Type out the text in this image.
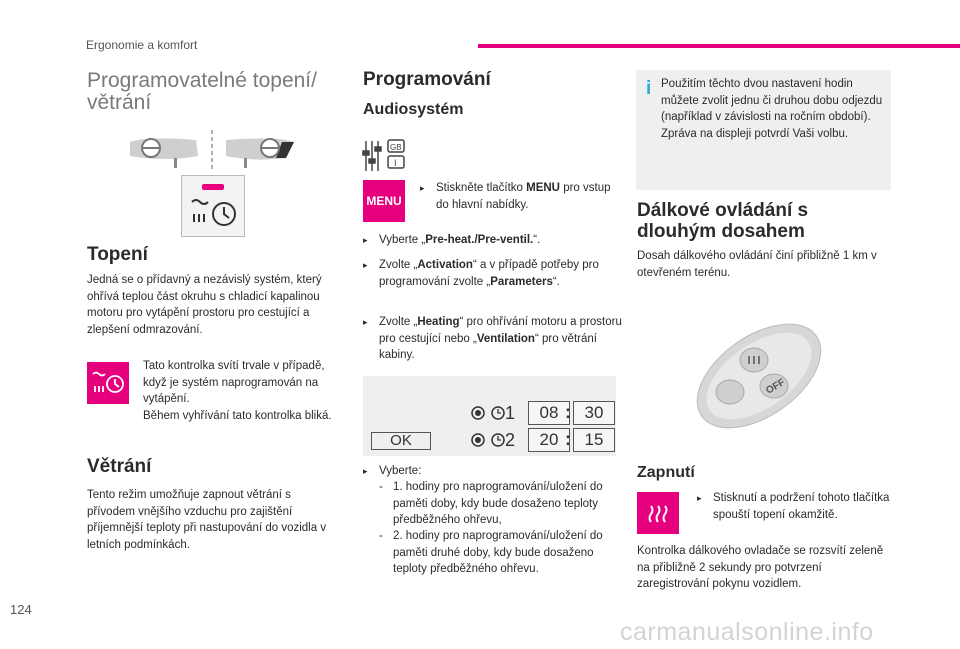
Ergonomie a komfort
124
carmanualsonline.info
Programovatelné topení/ větrání
Topení
Jedná se o přídavný a nezávislý systém, který ohřívá teplou část okruhu s chladicí kapalinou motoru pro vytápění prostoru pro cestující a zlepšení odmrazování.
Tato kontrolka svítí trvale v případě, když je systém naprogramován na vytápění.
Během vyhřívání tato kontrolka bliká.
Větrání
Tento režim umožňuje zapnout větrání s přívodem vnějšího vzduchu pro zajištění příjemnější teploty při nastupování do vozidla v letních podmínkách.
Programování
Audiosystém
GB
I
MENU
▸ Stiskněte tlačítko MENU pro vstup do hlavní nabídky.
▸ Vyberte „Pre-heat./Pre-ventil.“.
▸ Zvolte „Activation“ a v případě potřeby pro programování zvolte „Parameters“.
▸ Zvolte „Heating“ pro ohřívání motoru a prostoru pro cestující nebo „Ventilation“ pro větrání kabiny.
1	08 : 30
2	20 : 15
OK
▸ Vyberte:
- 1. hodiny pro naprogramování/uložení do paměti doby, kdy bude dosaženo teploty předběžného ohřevu,
- 2. hodiny pro naprogramování/uložení do paměti druhé doby, kdy bude dosaženo teploty předběžného ohřevu.
i Použitím těchto dvou nastavení hodin můžete zvolit jednu či druhou dobu odjezdu (například v závislosti na ročním období).
Zpráva na displeji potvrdí Vaši volbu.
Dálkové ovládání s dlouhým dosahem
Dosah dálkového ovládání činí přibližně 1 km v otevřeném terénu.
OFF
Zapnutí
▸ Stisknutí a podržení tohoto tlačítka spouští topení okamžitě.
Kontrolka dálkového ovladače se rozsvítí zeleně na přibližně 2 sekundy pro potvrzení zaregistrování pokynu vozidlem.
